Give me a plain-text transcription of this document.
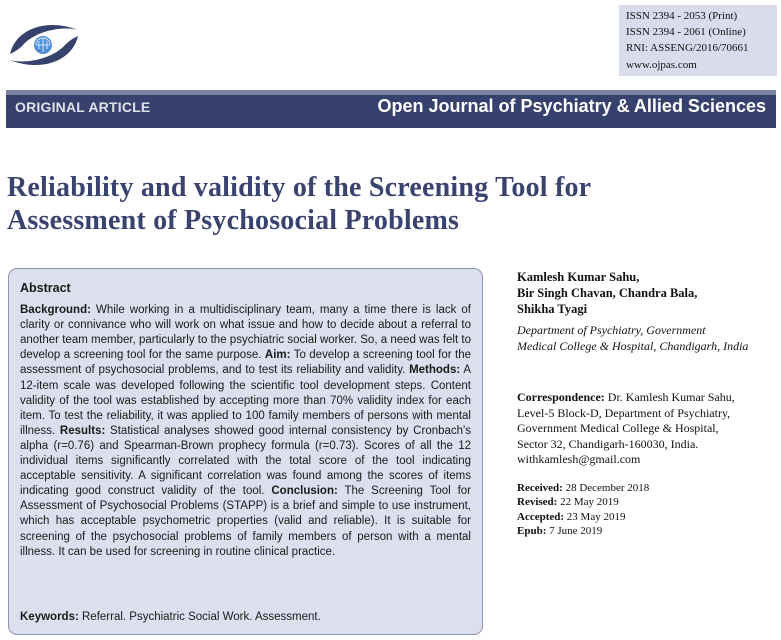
ISSN 2394 - 2053 (Print)
ISSN 2394 - 2061 (Online)
RNI: ASSENG/2016/70661
www.ojpas.com
ORIGINAL ARTICLE	Open Journal of Psychiatry & Allied Sciences
Reliability and validity of the Screening Tool for Assessment of Psychosocial Problems
Abstract
Background: While working in a multidisciplinary team, many a time there is lack of clarity or connivance who will work on what issue and how to decide about a referral to another team member, particularly to the psychiatric social worker. So, a need was felt to develop a screening tool for the same purpose. Aim: To develop a screening tool for the assessment of psychosocial problems, and to test its reliability and validity. Methods: A 12-item scale was developed following the scientific tool development steps. Content validity of the tool was established by accepting more than 70% validity index for each item. To test the reliability, it was applied to 100 family members of persons with mental illness. Results: Statistical analyses showed good internal consistency by Cronbach's alpha (r=0.76) and Spearman-Brown prophecy formula (r=0.73). Scores of all the 12 individual items significantly correlated with the total score of the tool indicating acceptable sensitivity. A significant correlation was found among the scores of items indicating good construct validity of the tool. Conclusion: The Screening Tool for Assessment of Psychosocial Problems (STAPP) is a brief and simple to use instrument, which has acceptable psychometric properties (valid and reliable). It is suitable for screening of the psychosocial problems of family members of person with a mental illness. It can be used for screening in routine clinical practice.
Keywords: Referral. Psychiatric Social Work. Assessment.
Kamlesh Kumar Sahu,
Bir Singh Chavan, Chandra Bala,
Shikha Tyagi
Department of Psychiatry, Government
Medical College & Hospital, Chandigarh, India
Correspondence: Dr. Kamlesh Kumar Sahu,
Level-5 Block-D, Department of Psychiatry,
Government Medical College & Hospital,
Sector 32, Chandigarh-160030, India.
withkamlesh@gmail.com
Received: 28 December 2018
Revised: 22 May 2019
Accepted: 23 May 2019
Epub: 7 June 2019
